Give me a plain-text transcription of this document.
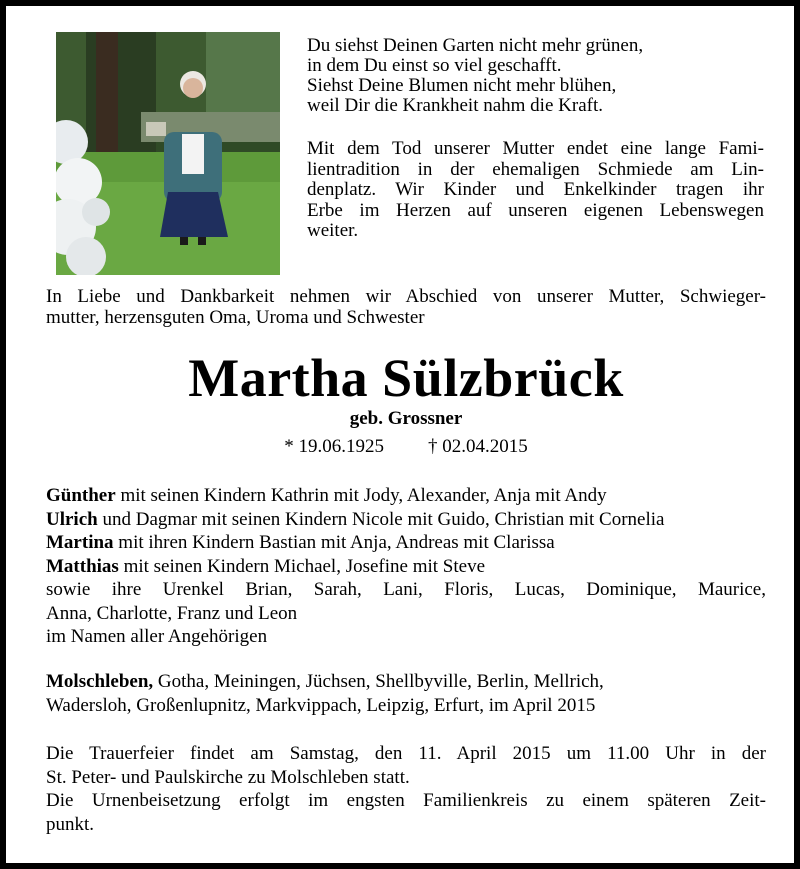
Du siehst Deinen Garten nicht mehr grünen,
in dem Du einst so viel geschafft.
Siehst Deine Blumen nicht mehr blühen,
weil Dir die Krankheit nahm die Kraft.

Mit dem Tod unserer Mutter endet eine lange Fami-
lientradition in der ehemaligen Schmiede am Lin-
denplatz. Wir Kinder und Enkelkinder tragen ihr
Erbe im Herzen auf unseren eigenen Lebenswegen
weiter.
In Liebe und Dankbarkeit nehmen wir Abschied von unserer Mutter, Schwieger-
mutter, herzensguten Oma, Uroma und Schwester
Martha Sülzbrück
geb. Grossner
* 19.06.1925 † 02.04.2015
Günther mit seinen Kindern Kathrin mit Jody, Alexander, Anja mit Andy
Ulrich und Dagmar mit seinen Kindern Nicole mit Guido, Christian mit Cornelia
Martina mit ihren Kindern Bastian mit Anja, Andreas mit Clarissa
Matthias mit seinen Kindern Michael, Josefine mit Steve
sowie ihre Urenkel Brian, Sarah, Lani, Floris, Lucas, Dominique, Maurice,
Anna, Charlotte, Franz und Leon
im Namen aller Angehörigen
Molschleben, Gotha, Meiningen, Jüchsen, Shellbyville, Berlin, Mellrich,
Wadersloh, Großenlupnitz, Markvippach, Leipzig, Erfurt, im April 2015
Die Trauerfeier findet am Samstag, den 11. April 2015 um 11.00 Uhr in der
St. Peter- und Paulskirche zu Molschleben statt.
Die Urnenbeisetzung erfolgt im engsten Familienkreis zu einem späteren Zeit-
punkt.
